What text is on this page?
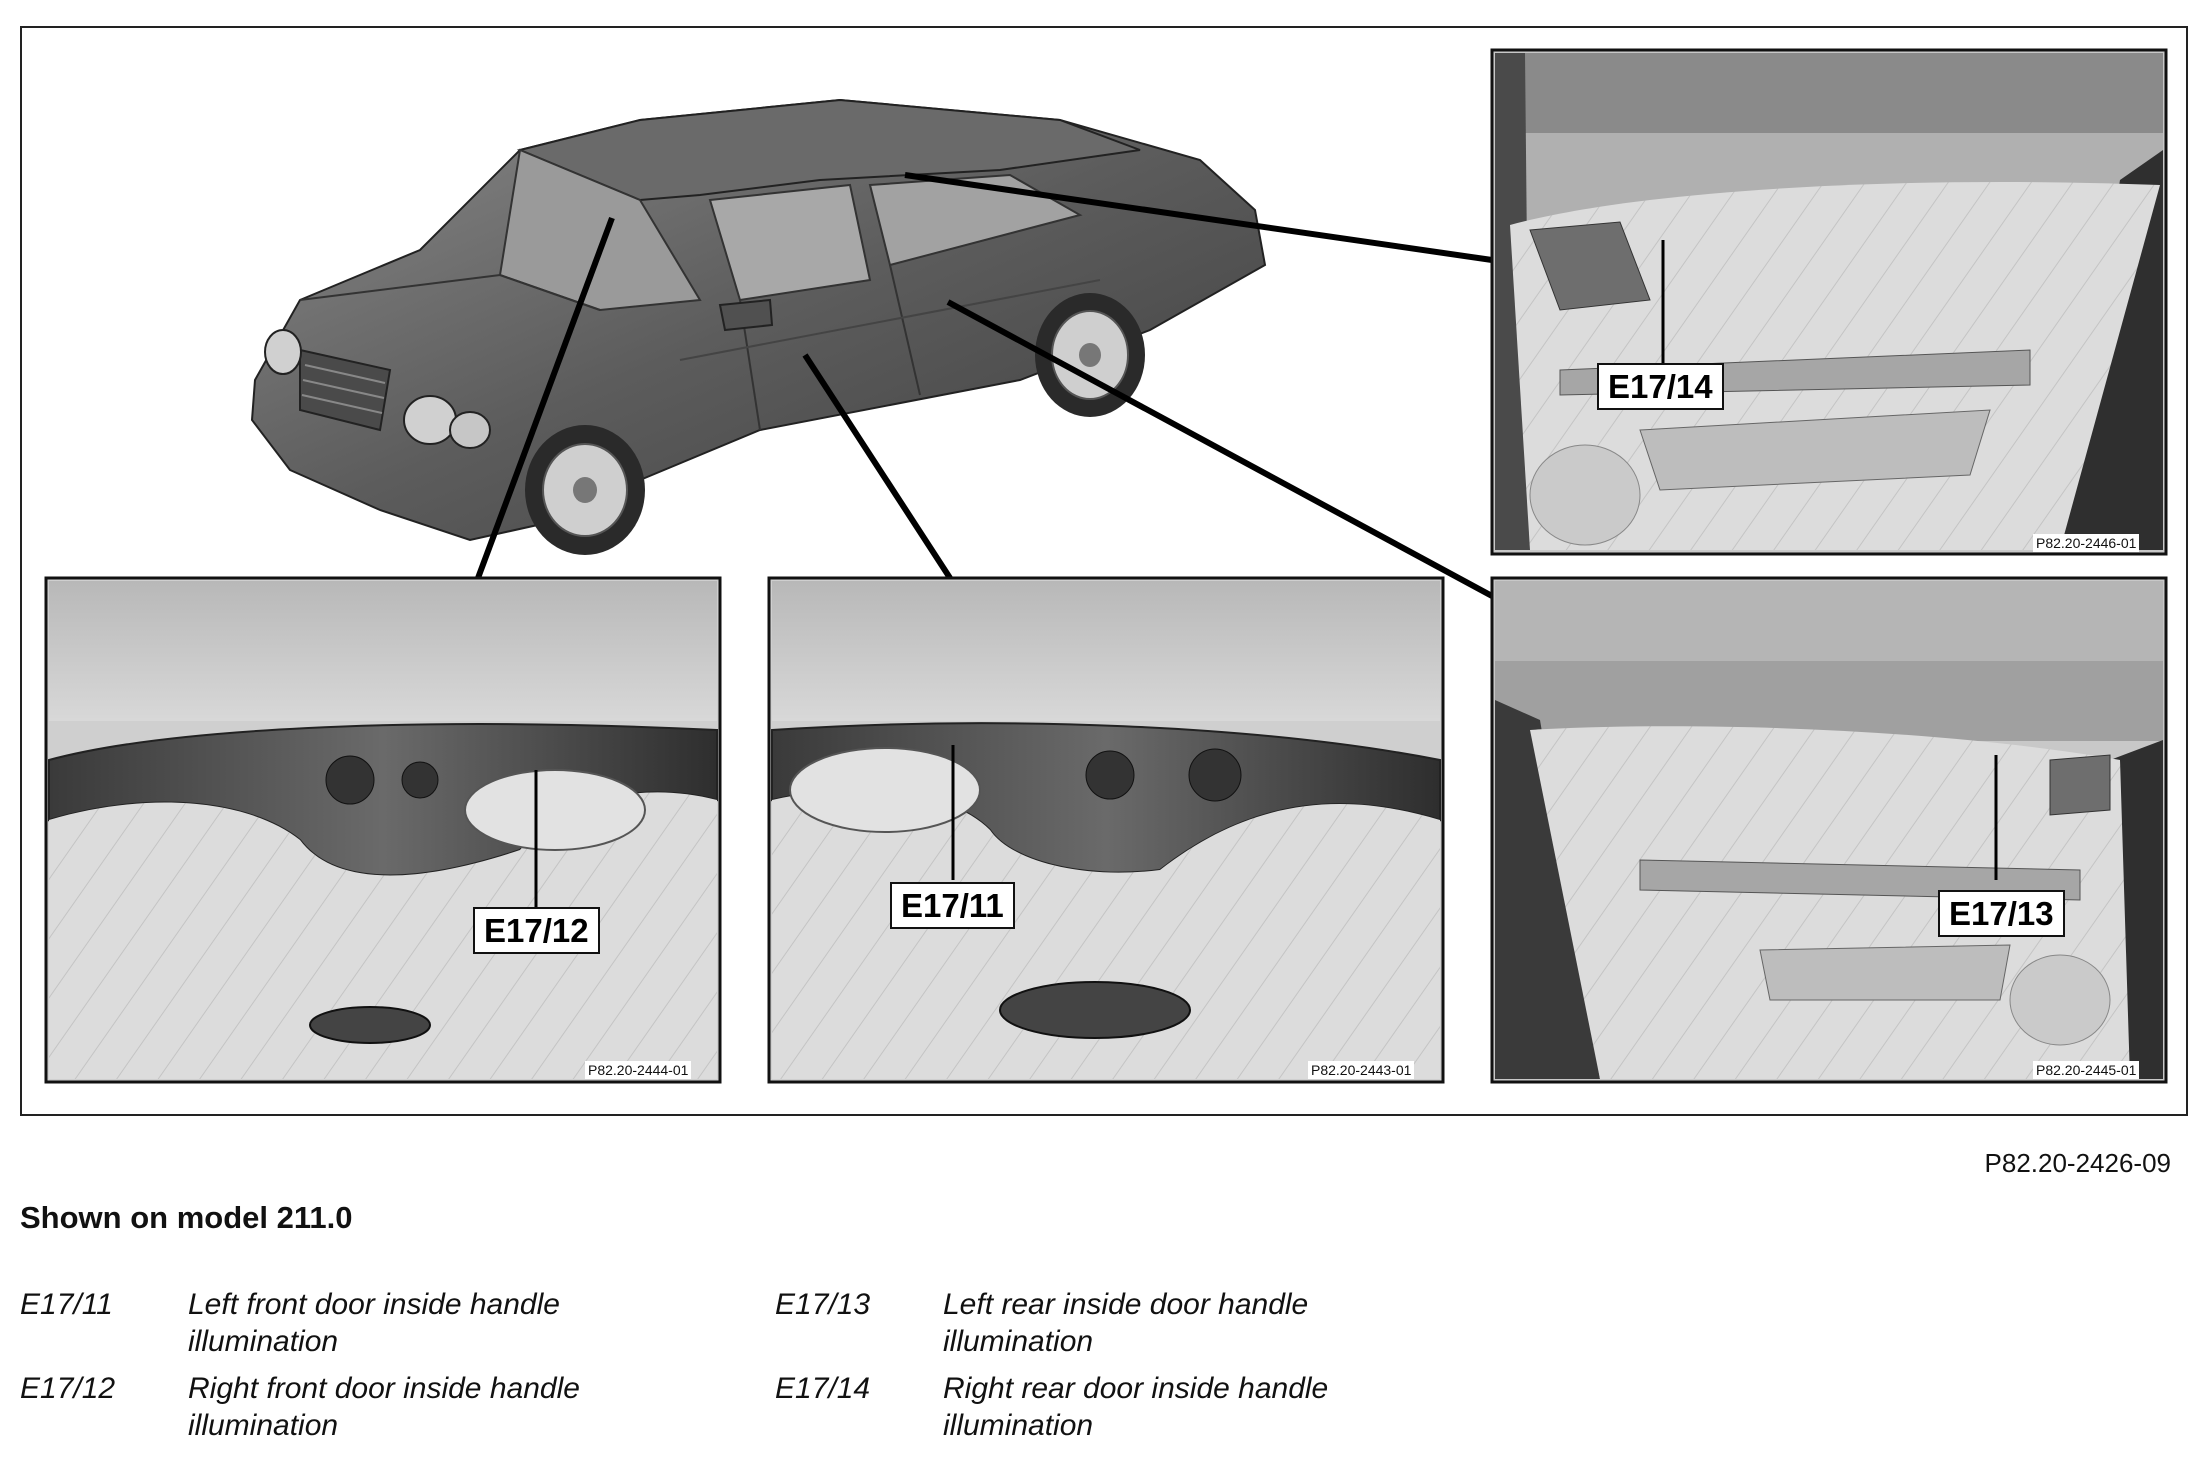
E17/14
E17/12
E17/11	E17/13
P82.20-2446-01
P82.20-2444-01	P82.20-2443-01	P82.20-2445-01
P82.20-2426-09
Shown on model 211.0
E17/11	Left front door inside handle illumination
E17/12 Right front door inside handle illumination
E17/13 Left rear inside door handle illumination
E17/14 Right rear door inside handle illumination
